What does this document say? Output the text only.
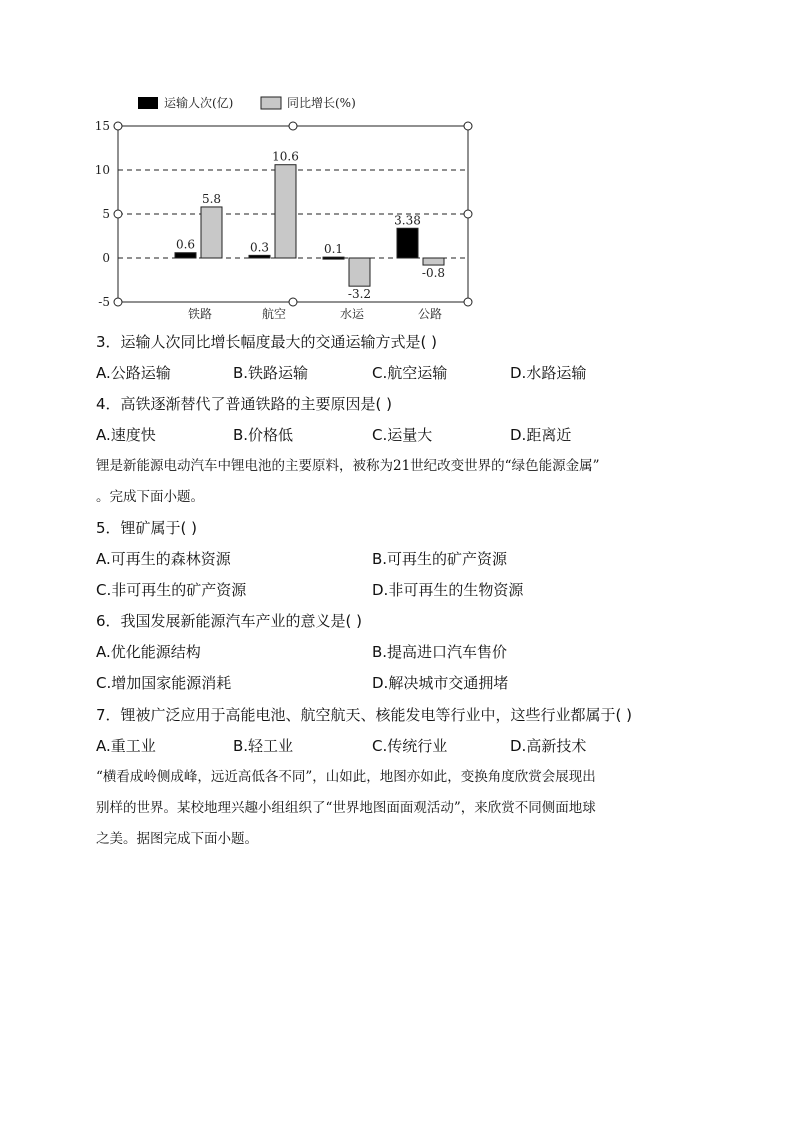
运输人次(亿)	同比增长(%)
15
10
5
0
-5
0.6
5.8
0.3
10.6
0.1
-3.2
3.38
-0.8
铁路	航空	水运	公路
3．运输人次同比增长幅度最大的交通运输方式是( )
A.公路运输	B.铁路运输	C.航空运输	D.水路运输
4．高铁逐渐替代了普通铁路的主要原因是( )
A.速度快	B.价格低	C.运量大	D.距离近

锂是新能源电动汽车中锂电池的主要原料，被称为21世纪改变世界的“绿色能源金属”

。完成下面小题。

5．锂矿属于( )
A.可再生的森林资源	B.可再生的矿产资源
C.非可再生的矿产资源	D.非可再生的生物资源
6．我国发展新能源汽车产业的意义是( )
A.优化能源结构	B.提高进口汽车售价
C.增加国家能源消耗	D.解决城市交通拥堵
7．锂被广泛应用于高能电池、航空航天、核能发电等行业中，这些行业都属于( )
A.重工业	B.轻工业	C.传统行业	D.高新技术

“横看成岭侧成峰，远近高低各不同”，山如此，地图亦如此，变换角度欣赏会展现出

别样的世界。某校地理兴趣小组组织了“世界地图面面观活动”，来欣赏不同侧面地球

之美。据图完成下面小题。
